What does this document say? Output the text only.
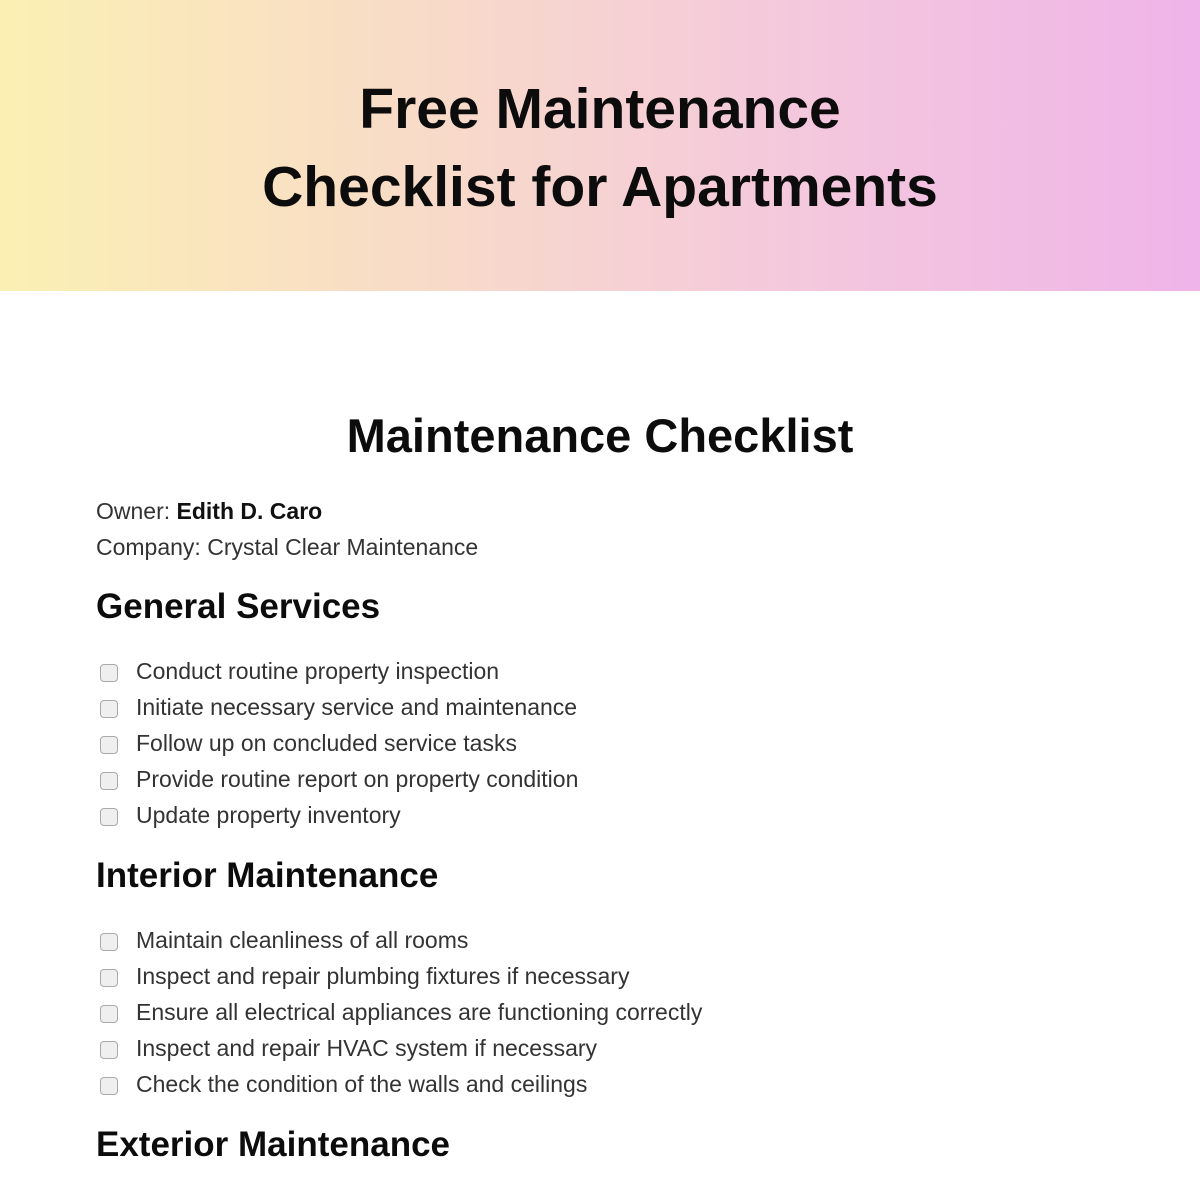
Free Maintenance
Checklist for Apartments
Maintenance Checklist
Owner: Edith D. Caro
Company: Crystal Clear Maintenance
General Services
Conduct routine property inspection
Initiate necessary service and maintenance
Follow up on concluded service tasks
Provide routine report on property condition
Update property inventory
Interior Maintenance
Maintain cleanliness of all rooms
Inspect and repair plumbing fixtures if necessary
Ensure all electrical appliances are functioning correctly
Inspect and repair HVAC system if necessary
Check the condition of the walls and ceilings
Exterior Maintenance
